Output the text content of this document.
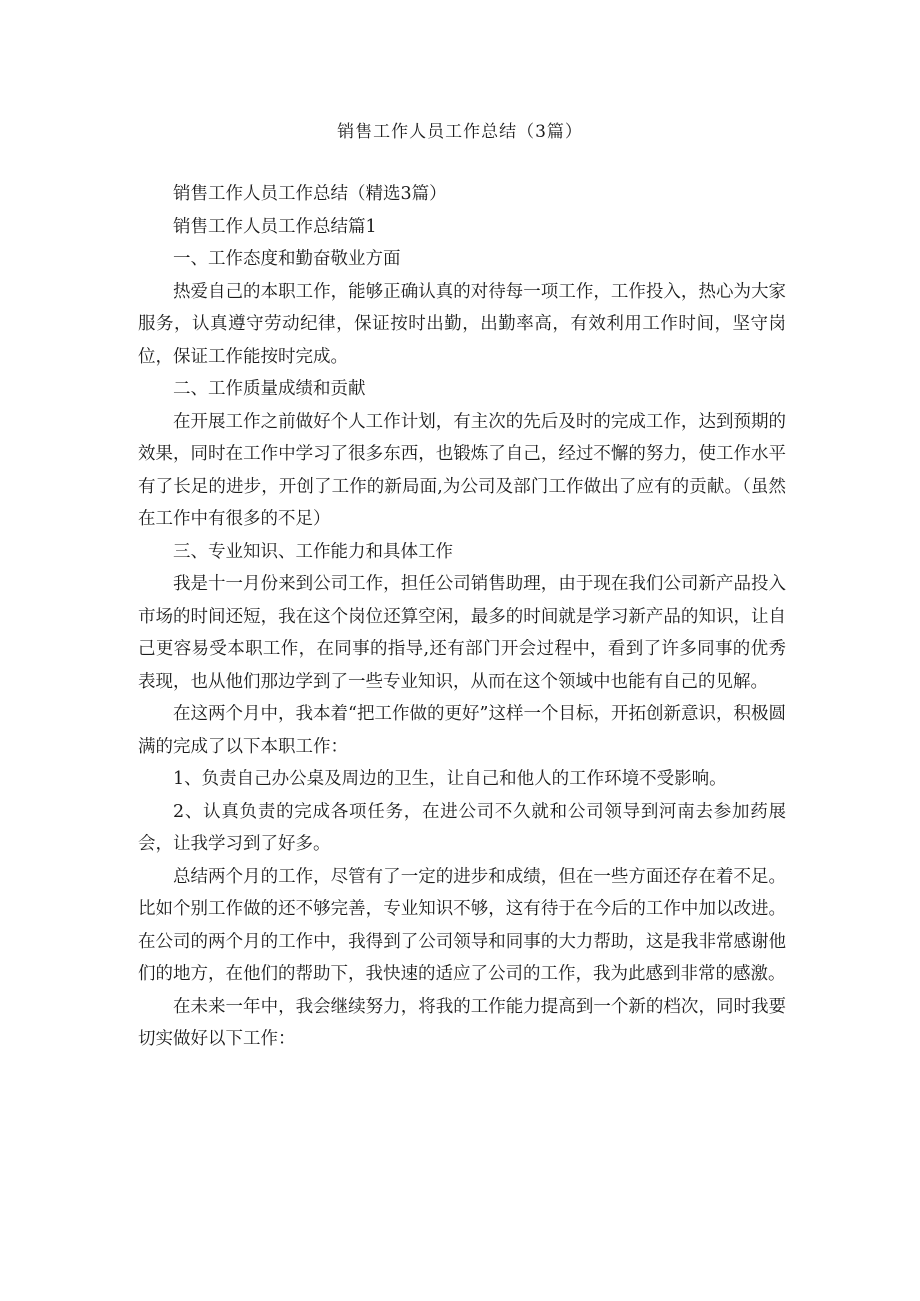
销售工作人员工作总结（3篇）

销售工作人员工作总结（精选3篇）

销售工作人员工作总结篇1

一、工作态度和勤奋敬业方面

热爱自己的本职工作，能够正确认真的对待每一项工作，工作投入，热心为大家服务，认真遵守劳动纪律，保证按时出勤，出勤率高，有效利用工作时间，坚守岗位，保证工作能按时完成。

二、工作质量成绩和贡献

在开展工作之前做好个人工作计划，有主次的先后及时的完成工作，达到预期的效果，同时在工作中学习了很多东西，也锻炼了自己，经过不懈的努力，使工作水平有了长足的进步，开创了工作的新局面,为公司及部门工作做出了应有的贡献。（虽然在工作中有很多的不足）

三、专业知识、工作能力和具体工作

我是十一月份来到公司工作，担任公司销售助理，由于现在我们公司新产品投入市场的时间还短，我在这个岗位还算空闲，最多的时间就是学习新产品的知识，让自己更容易受本职工作，在同事的指导,还有部门开会过程中，看到了许多同事的优秀表现，也从他们那边学到了一些专业知识，从而在这个领域中也能有自己的见解。

在这两个月中，我本着“把工作做的更好”这样一个目标，开拓创新意识，积极圆满的完成了以下本职工作：

1、负责自己办公桌及周边的卫生，让自己和他人的工作环境不受影响。

2、认真负责的完成各项任务，在进公司不久就和公司领导到河南去参加药展会，让我学习到了好多。

总结两个月的工作，尽管有了一定的进步和成绩，但在一些方面还存在着不足。比如个别工作做的还不够完善，专业知识不够，这有待于在今后的工作中加以改进。在公司的两个月的工作中，我得到了公司领导和同事的大力帮助，这是我非常感谢他们的地方，在他们的帮助下，我快速的适应了公司的工作，我为此感到非常的感激。

在未来一年中，我会继续努力，将我的工作能力提高到一个新的档次，同时我要切实做好以下工作：
